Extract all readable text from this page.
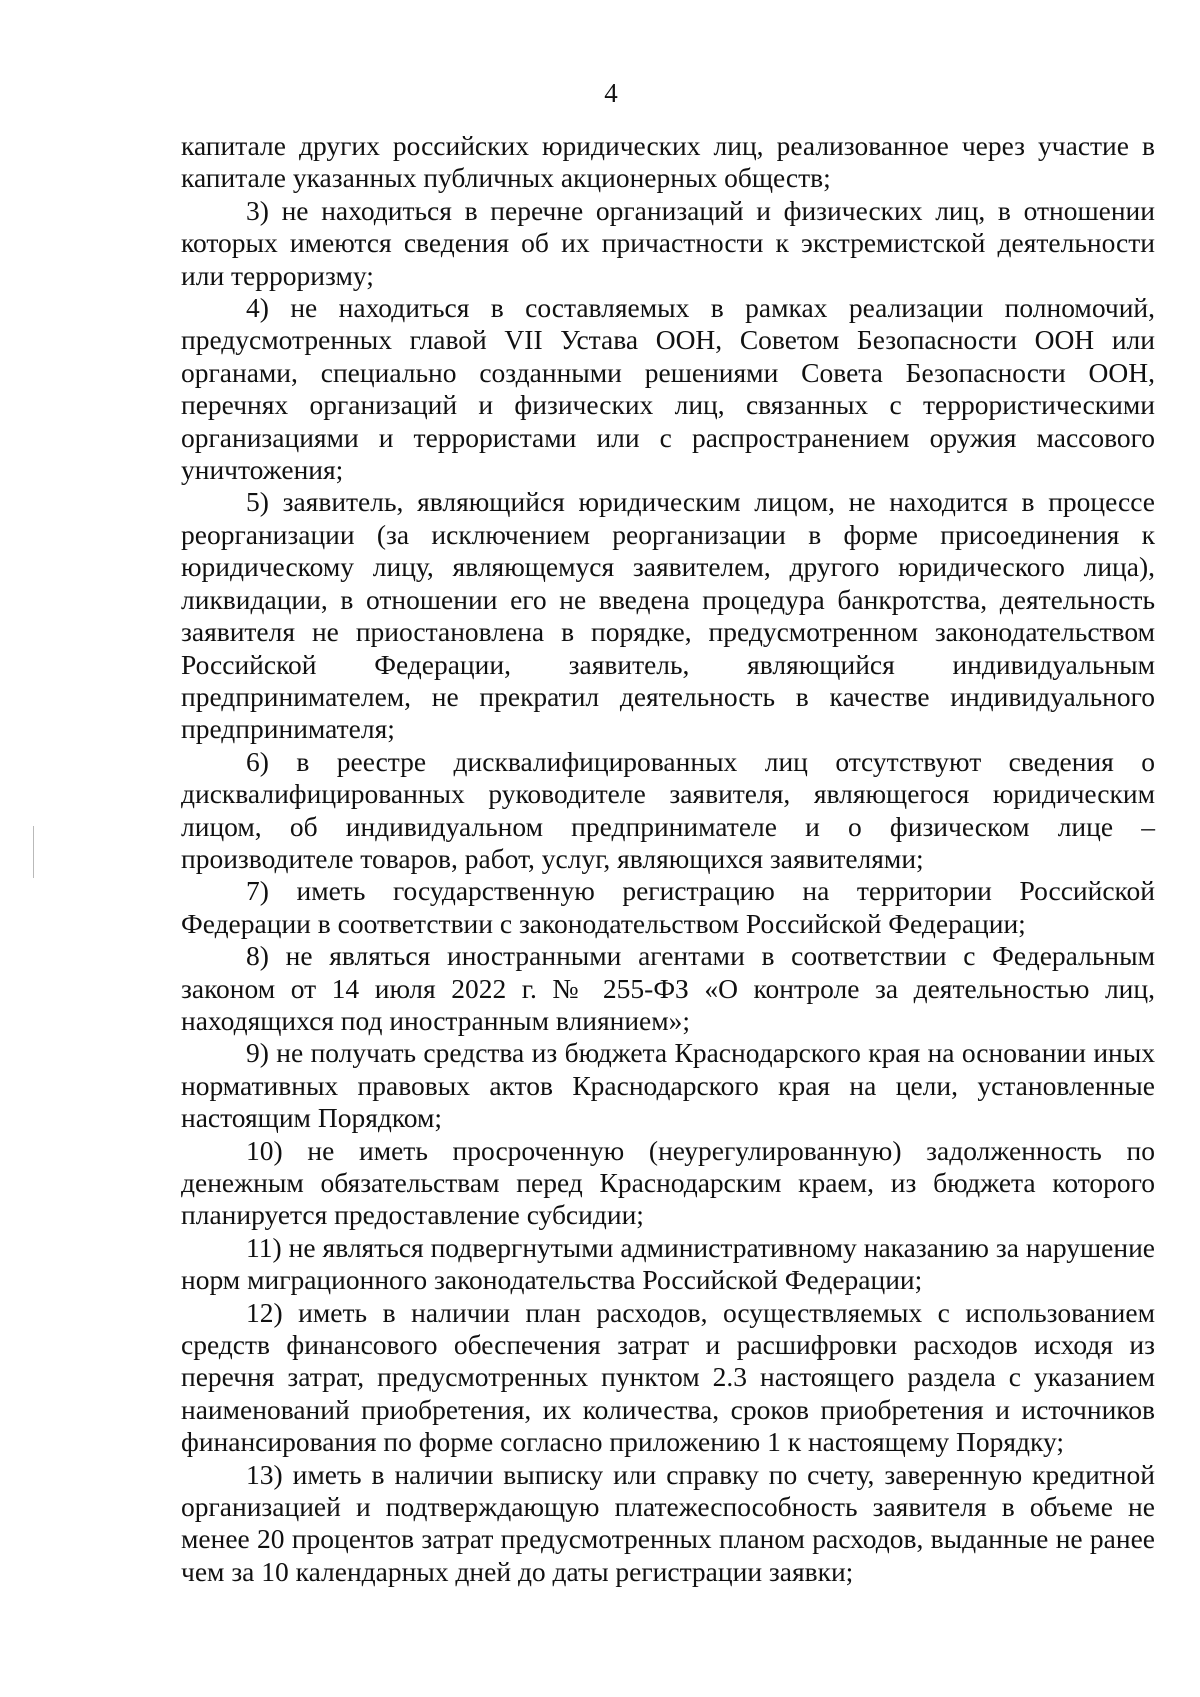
4

капитале других российских юридических лиц, реализованное через участие в капитале указанных публичных акционерных обществ;

3) не находиться в перечне организаций и физических лиц, в отношении которых имеются сведения об их причастности к экстремистской деятельности или терроризму;

4) не находиться в составляемых в рамках реализации полномочий, предусмотренных главой VII Устава ООН, Советом Безопасности ООН или органами, специально созданными решениями Совета Безопасности ООН, перечнях организаций и физических лиц, связанных с террористическими организациями и террористами или с распространением оружия массового уничтожения;

5) заявитель, являющийся юридическим лицом, не находится в процессе реорганизации (за исключением реорганизации в форме присоединения к юридическому лицу, являющемуся заявителем, другого юридического лица), ликвидации, в отношении его не введена процедура банкротства, деятельность заявителя не приостановлена в порядке, предусмотренном законодательством Российской Федерации, заявитель, являющийся индивидуальным предпринимателем, не прекратил деятельность в качестве индивидуального предпринимателя;

6) в реестре дисквалифицированных лиц отсутствуют сведения о дисквалифицированных руководителе заявителя, являющегося юридическим лицом, об индивидуальном предпринимателе и о физическом лице – производителе товаров, работ, услуг, являющихся заявителями;

7) иметь государственную регистрацию на территории Российской Федерации в соответствии с законодательством Российской Федерации;

8) не являться иностранными агентами в соответствии с Федеральным законом от 14 июля 2022 г. № 255-ФЗ «О контроле за деятельностью лиц, находящихся под иностранным влиянием»;

9) не получать средства из бюджета Краснодарского края на основании иных нормативных правовых актов Краснодарского края на цели, установленные настоящим Порядком;

10) не иметь просроченную (неурегулированную) задолженность по денежным обязательствам перед Краснодарским краем, из бюджета которого планируется предоставление субсидии;

11) не являться подвергнутыми административному наказанию за нарушение норм миграционного законодательства Российской Федерации;

12) иметь в наличии план расходов, осуществляемых с использованием средств финансового обеспечения затрат и расшифровки расходов исходя из перечня затрат, предусмотренных пунктом 2.3 настоящего раздела с указанием наименований приобретения, их количества, сроков приобретения и источников финансирования по форме согласно приложению 1 к настоящему Порядку;

13) иметь в наличии выписку или справку по счету, заверенную кредитной организацией и подтверждающую платежеспособность заявителя в объеме не менее 20 процентов затрат предусмотренных планом расходов, выданные не ранее чем за 10 календарных дней до даты регистрации заявки;
